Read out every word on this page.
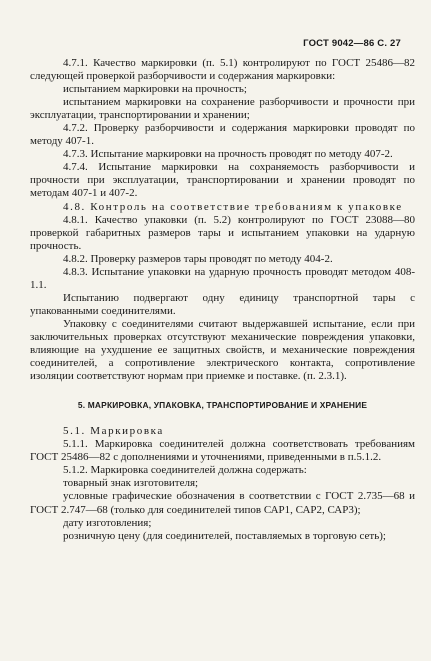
ГОСТ 9042—86 С. 27

4.7.1. Качество маркировки (п. 5.1) контролируют по ГОСТ 25486—82 следующей проверкой разборчивости и содержания маркировки:

испытанием маркировки на прочность;

испытанием маркировки на сохранение разборчивости и прочности при эксплуатации, транспортировании и хранении;

4.7.2. Проверку разборчивости и содержания маркировки проводят по методу 407-1.

4.7.3. Испытание маркировки на прочность проводят по методу 407-2.

4.7.4. Испытание маркировки на сохраняемость разборчивости и прочности при эксплуатации, транспортировании и хранении проводят по методам 407-1 и 407-2.

4.8. Контроль на соответствие требованиям к упаковке

4.8.1. Качество упаковки (п. 5.2) контролируют по ГОСТ 23088—80 проверкой габаритных размеров тары и испытанием упаковки на ударную прочность.

4.8.2. Проверку размеров тары проводят по методу 404-2.

4.8.3. Испытание упаковки на ударную прочность проводят методом 408-1.1.

Испытанию подвергают одну единицу транспортной тары с упакованными соединителями.

Упаковку с соединителями считают выдержавшей испытание, если при заключительных проверках отсутствуют механические повреждения упаковки, влияющие на ухудшение ее защитных свойств, и механические повреждения соединителей, а сопротивление электрического контакта, сопротивление изоляции соответствуют нормам при приемке и поставке. (п. 2.3.1).

5. МАРКИРОВКА, УПАКОВКА, ТРАНСПОРТИРОВАНИЕ И ХРАНЕНИЕ

5.1. Маркировка

5.1.1. Маркировка соединителей должна соответствовать требованиям ГОСТ 25486—82 с дополнениями и уточнениями, приведенными в п.5.1.2.

5.1.2. Маркировка соединителей должна содержать:

товарный знак изготовителя;

условные графические обозначения в соответствии с ГОСТ 2.735—68 и ГОСТ 2.747—68 (только для соединителей типов САР1, САР2, САР3);

дату изготовления;

розничную цену (для соединителей, поставляемых в торговую сеть);
